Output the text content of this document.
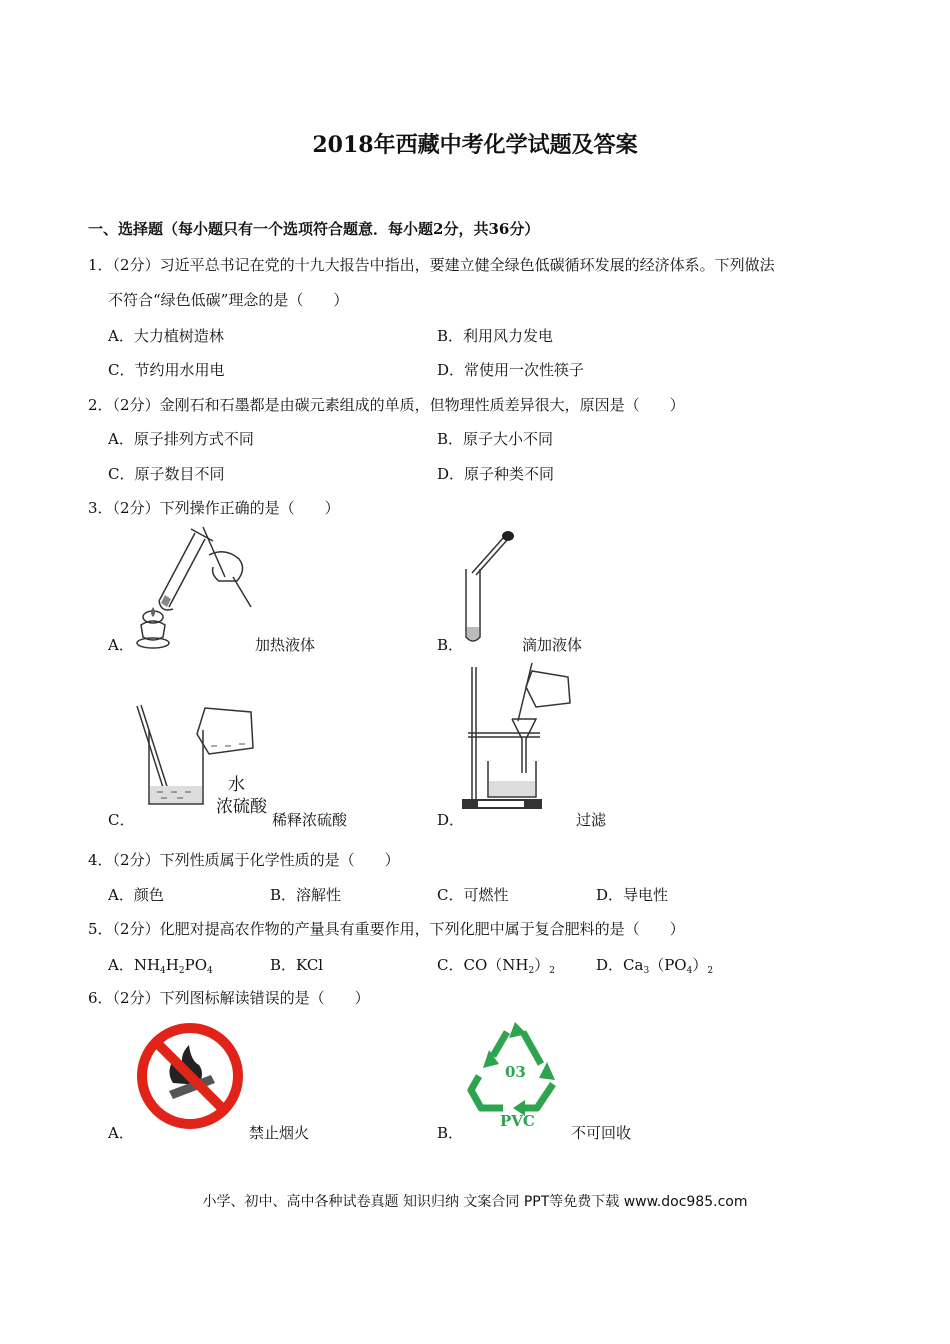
2018年西藏中考化学试题及答案
一、选择题（每小题只有一个选项符合题意．每小题2分，共36分）
1．（2分）习近平总书记在党的十九大报告中指出，要建立健全绿色低碳循环发展的经济体系。下列做法
不符合“绿色低碳”理念的是（　　）
A．大力植树造林	B．利用风力发电
C．节约用水用电	D．常使用一次性筷子
2．（2分）金刚石和石墨都是由碳元素组成的单质，但物理性质差异很大，原因是（　　）
A．原子排列方式不同	B．原子大小不同
C．原子数目不同	D．原子种类不同
3．（2分）下列操作正确的是（　　）
A．	加热液体	B．	滴加液体
水
浓硫酸
C．	稀释浓硫酸	D．	过滤
4．（2分）下列性质属于化学性质的是（　　）
A．颜色	B．溶解性	C．可燃性	D．导电性
5．（2分）化肥对提高农作物的产量具有重要作用，下列化肥中属于复合肥料的是（　　）
A．$NH_4H_2PO_4$	B．KCl	C．$CO(NH_2)_2$	D．$Ca_3(PO_4)_2$
6．（2分）下列图标解读错误的是（　　）
A．	禁止烟火
03
PVC
B．	不可回收
小学、初中、高中各种试卷真题 知识归纳 文案合同 PPT等免费下载 www.doc985.com
